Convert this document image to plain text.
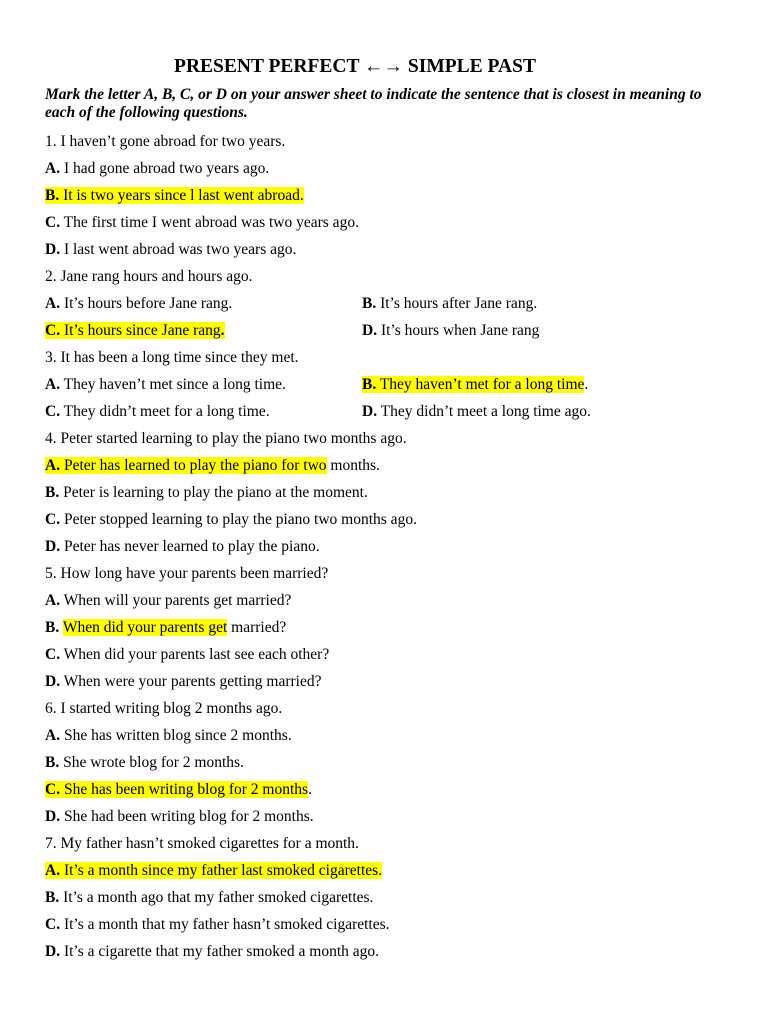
PRESENT PERFECT ←→ SIMPLE PAST
Mark the letter A, B, C, or D on your answer sheet to indicate the sentence that is closest in meaning to each of the following questions.
1. I haven’t gone abroad for two years.
A. I had gone abroad two years ago.
B. It is two years since l last went abroad.
C. The first time I went abroad was two years ago.
D. I last went abroad was two years ago.
2. Jane rang hours and hours ago.
A. It’s hours before Jane rang.	B. It’s hours after Jane rang.
C. It’s hours since Jane rang.	D. It’s hours when Jane rang
3. It has been a long time since they met.
A. They haven’t met since a long time.	B. They haven’t met for a long time.
C. They didn’t meet for a long time.	D. They didn’t meet a long time ago.
4. Peter started learning to play the piano two months ago.
A. Peter has learned to play the piano for two months.
B. Peter is learning to play the piano at the moment.
C. Peter stopped learning to play the piano two months ago.
D. Peter has never learned to play the piano.
5. How long have your parents been married?
A. When will your parents get married?
B. When did your parents get married?
C. When did your parents last see each other?
D. When were your parents getting married?
6. I started writing blog 2 months ago.
A. She has written blog since 2 months.
B. She wrote blog for 2 months.
C. She has been writing blog for 2 months.
D. She had been writing blog for 2 months.
7. My father hasn’t smoked cigarettes for a month.
A. It’s a month since my father last smoked cigarettes.
B. It’s a month ago that my father smoked cigarettes.
C. It’s a month that my father hasn’t smoked cigarettes.
D. It’s a cigarette that my father smoked a month ago.
